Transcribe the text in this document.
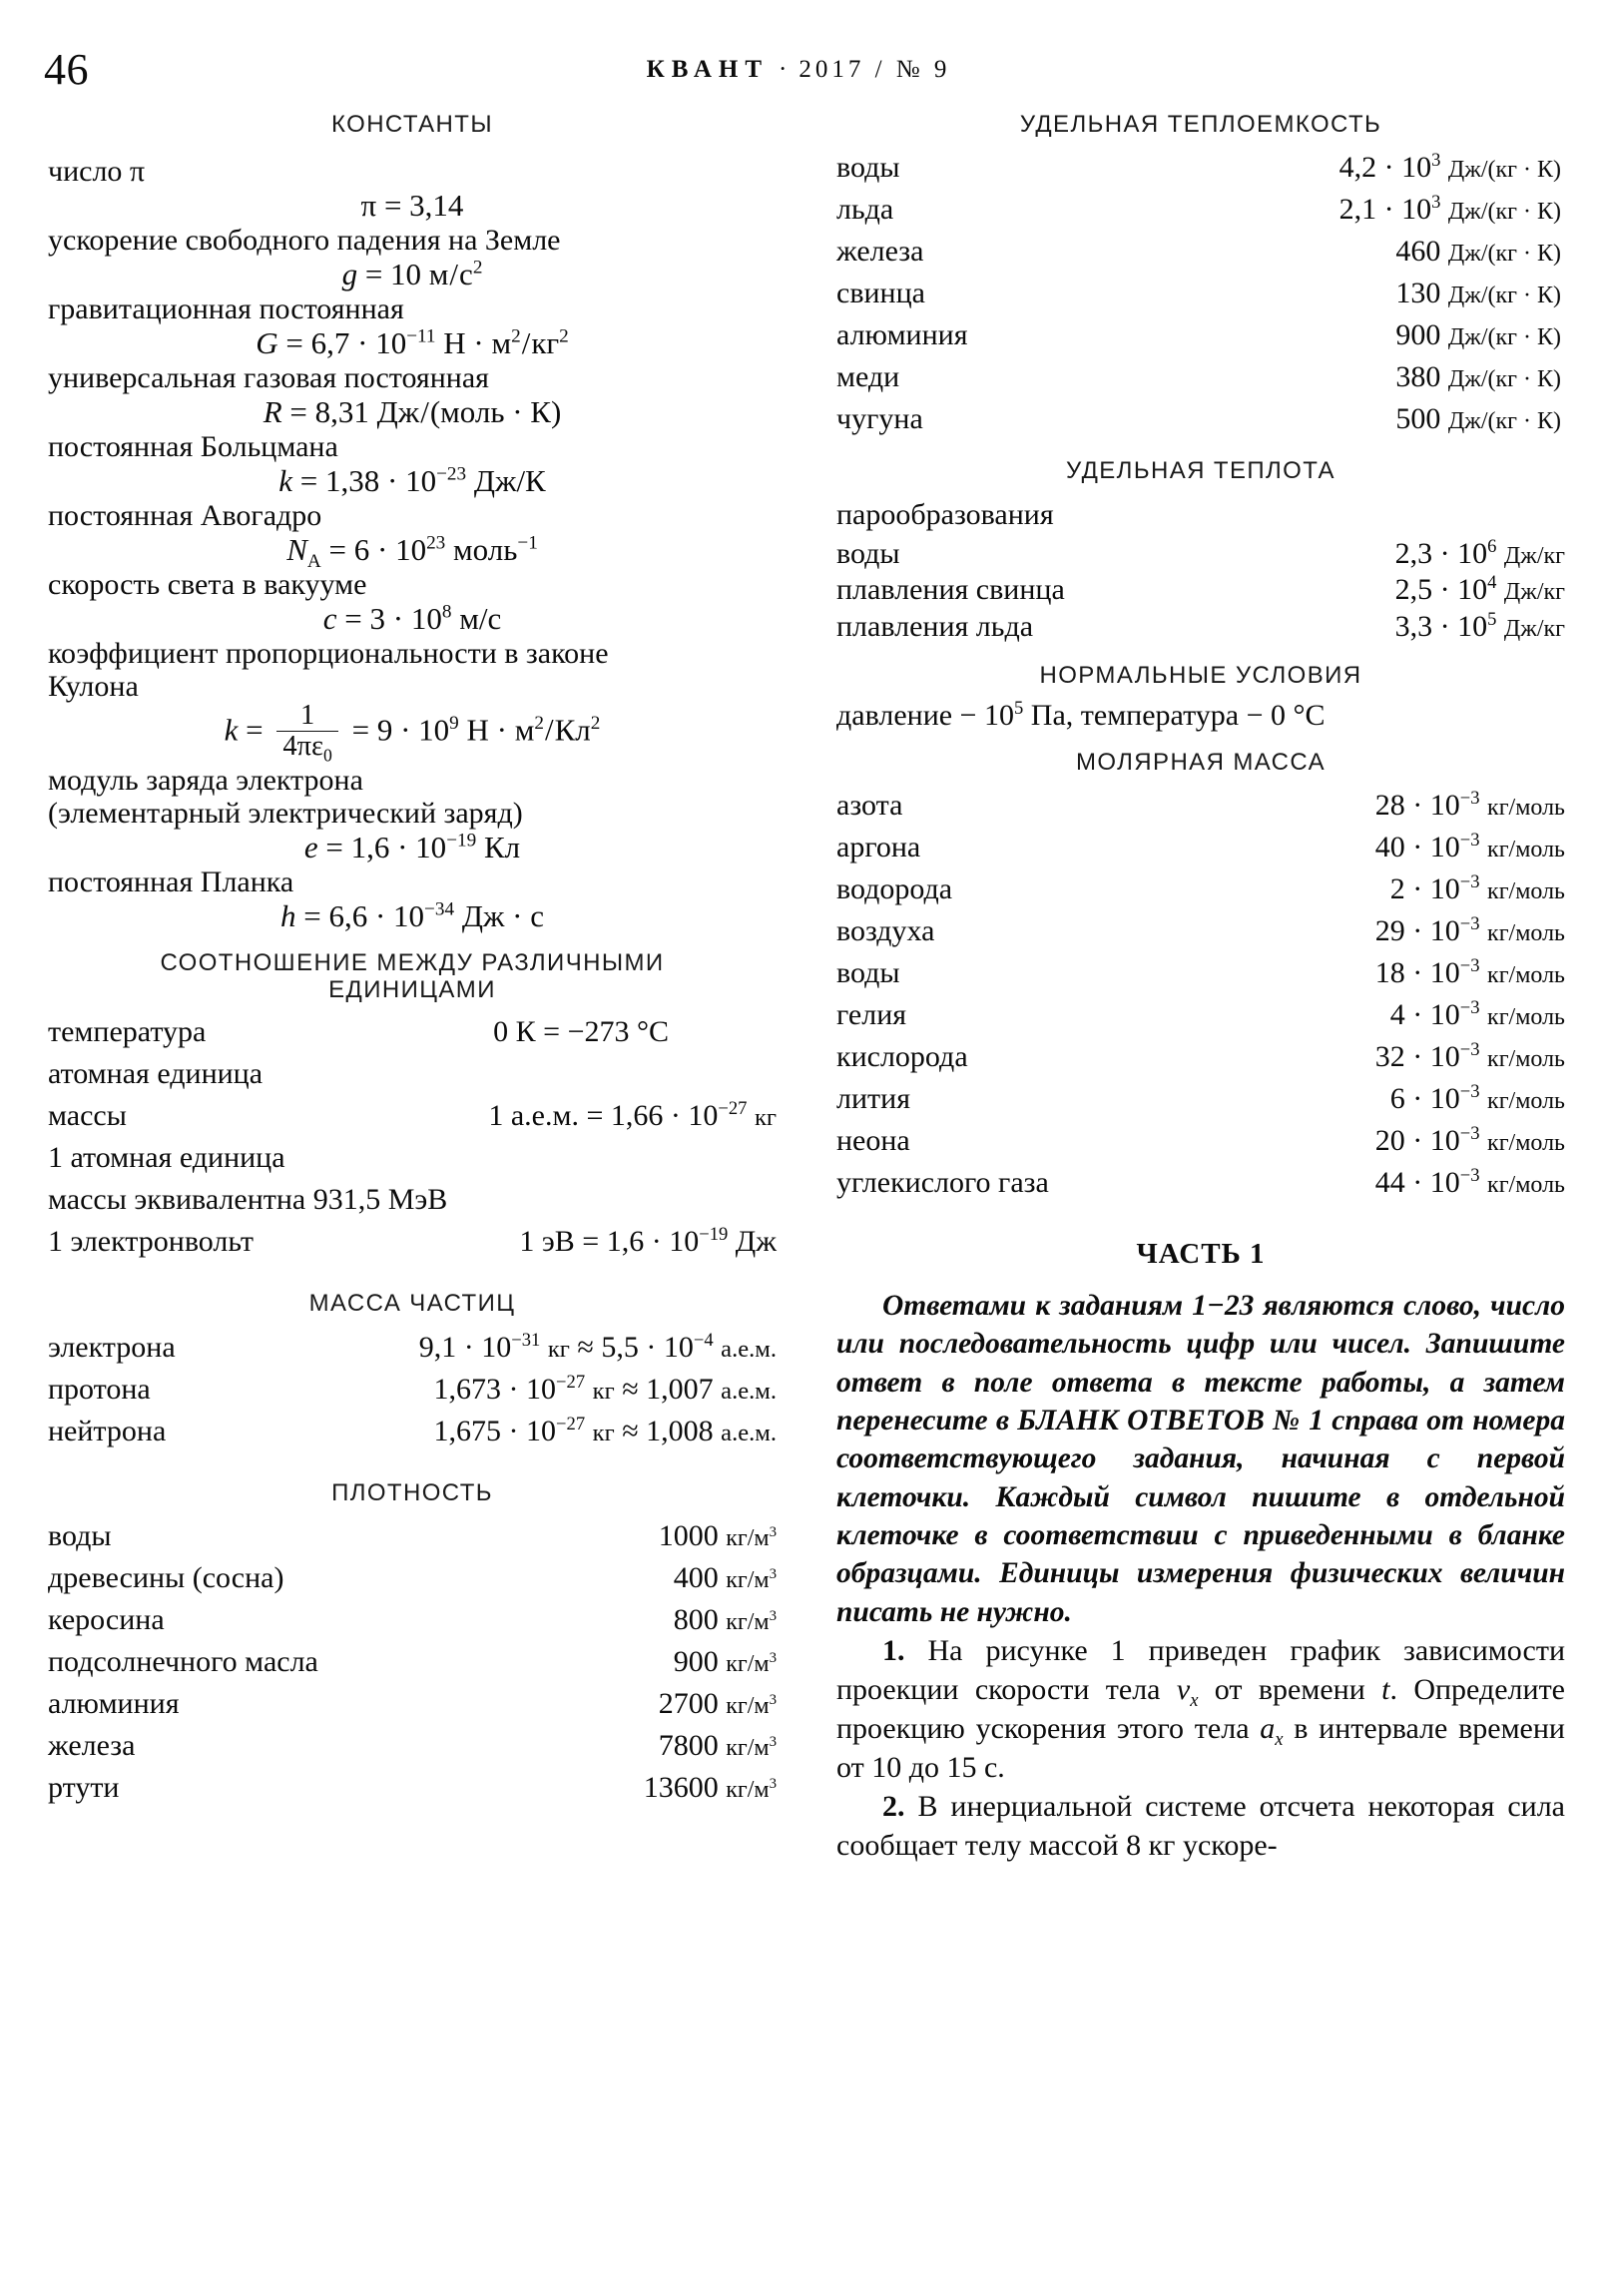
46	КВАНТ · 2017 / № 9
КОНСТАНТЫ
число π
π = 3,14
ускорение свободного падения на Земле
g = 10 $м/с^2$
гравитационная постоянная
$G = 6,7 \cdot 10^{-11}$ $Н \cdot м^2/кг^2$
универсальная газовая постоянная
R = 8,31 Дж/(моль · К)
постоянная Больцмана
$k = 1,38 \cdot 10^{-23}$ Дж/К
постоянная Авогадро
$N_A = 6 \cdot 10^{23}$ моль$^{-1}$
скорость света в вакууме
$c = 3 \cdot 10^8$ м/с
коэффициент пропорциональности в законе
Кулона
$k = \frac{1}{4\pi\varepsilon_0} = 9 \cdot 10^9$ $Н \cdot м^2/Кл^2$
модуль заряда электрона
(элементарный электрический заряд)
$e = 1,6 \cdot 10^{-19}$ Кл
постоянная Планка
$h = 6,6 \cdot 10^{-34}$ Дж · с
СООТНОШЕНИЕ МЕЖДУ РАЗЛИЧНЫМИ
ЕДИНИЦАМИ
температура	0 К = −273 °C
атомная единица
массы	1 а.е.м. = $1,66 \cdot 10^{-27}$ кг
1 атомная единица
массы эквивалентна 931,5 МэВ
1 электронвольт	1 эВ = $1,6 \cdot 10^{-19}$ Дж
МАССА ЧАСТИЦ
электрона	$9,1 \cdot 10^{-31}$ кг ≈ $5,5 \cdot 10^{-4}$ а.е.м.
протона	$1,673 \cdot 10^{-27}$ кг ≈ 1,007 а.е.м.
нейтрона	$1,675 \cdot 10^{-27}$ кг ≈ 1,008 а.е.м.
ПЛОТНОСТЬ
воды	1000 $кг/м^3$
древесины (сосна)	400 $кг/м^3$
керосина	800 $кг/м^3$
подсолнечного масла	900 $кг/м^3$
алюминия	2700 $кг/м^3$
железа	7800 $кг/м^3$
ртути	13600 $кг/м^3$
УДЕЛЬНАЯ ТЕПЛОЕМКОСТЬ
воды	$4,2 \cdot 10^3$ Дж/(кг · К)
льда	$2,1 \cdot 10^3$ Дж/(кг · К)
железа	460 Дж/(кг · К)
свинца	130 Дж/(кг · К)
алюминия	900 Дж/(кг · К)
меди	380 Дж/(кг · К)
чугуна	500 Дж/(кг · К)
УДЕЛЬНАЯ ТЕПЛОТА
парообразования
воды	$2,3 \cdot 10^6$ Дж/кг
плавления свинца	$2,5 \cdot 10^4$ Дж/кг
плавления льда	$3,3 \cdot 10^5$ Дж/кг
НОРМАЛЬНЫЕ УСЛОВИЯ
давление − $10^5$ Па, температура − 0 °C
МОЛЯРНАЯ МАССА
азота	$28 \cdot 10^{-3}$ кг/моль
аргона	$40 \cdot 10^{-3}$ кг/моль
водорода	$2 \cdot 10^{-3}$ кг/моль
воздуха	$29 \cdot 10^{-3}$ кг/моль
воды	$18 \cdot 10^{-3}$ кг/моль
гелия	$4 \cdot 10^{-3}$ кг/моль
кислорода	$32 \cdot 10^{-3}$ кг/моль
лития	$6 \cdot 10^{-3}$ кг/моль
неона	$20 \cdot 10^{-3}$ кг/моль
углекислого газа	$44 \cdot 10^{-3}$ кг/моль
ЧАСТЬ 1

Ответами к заданиям 1−23 являются слово, число или последовательность цифр или чисел. Запишите ответ в поле ответа в тексте работы, а затем перенесите в БЛАНК ОТВЕТОВ № 1 справа от номера соответствующего задания, начиная с первой клеточки. Каждый символ пишите в отдельной клеточке в соответствии с приведенными в бланке образцами. Единицы измерения физических величин писать не нужно.

1. На рисунке 1 приведен график зависимости проекции скорости тела $v_x$ от времени t. Определите проекцию ускорения этого тела $a_x$ в интервале времени от 10 до 15 с.

2. В инерциальной системе отсчета некоторая сила сообщает телу массой 8 кг ускоре-
